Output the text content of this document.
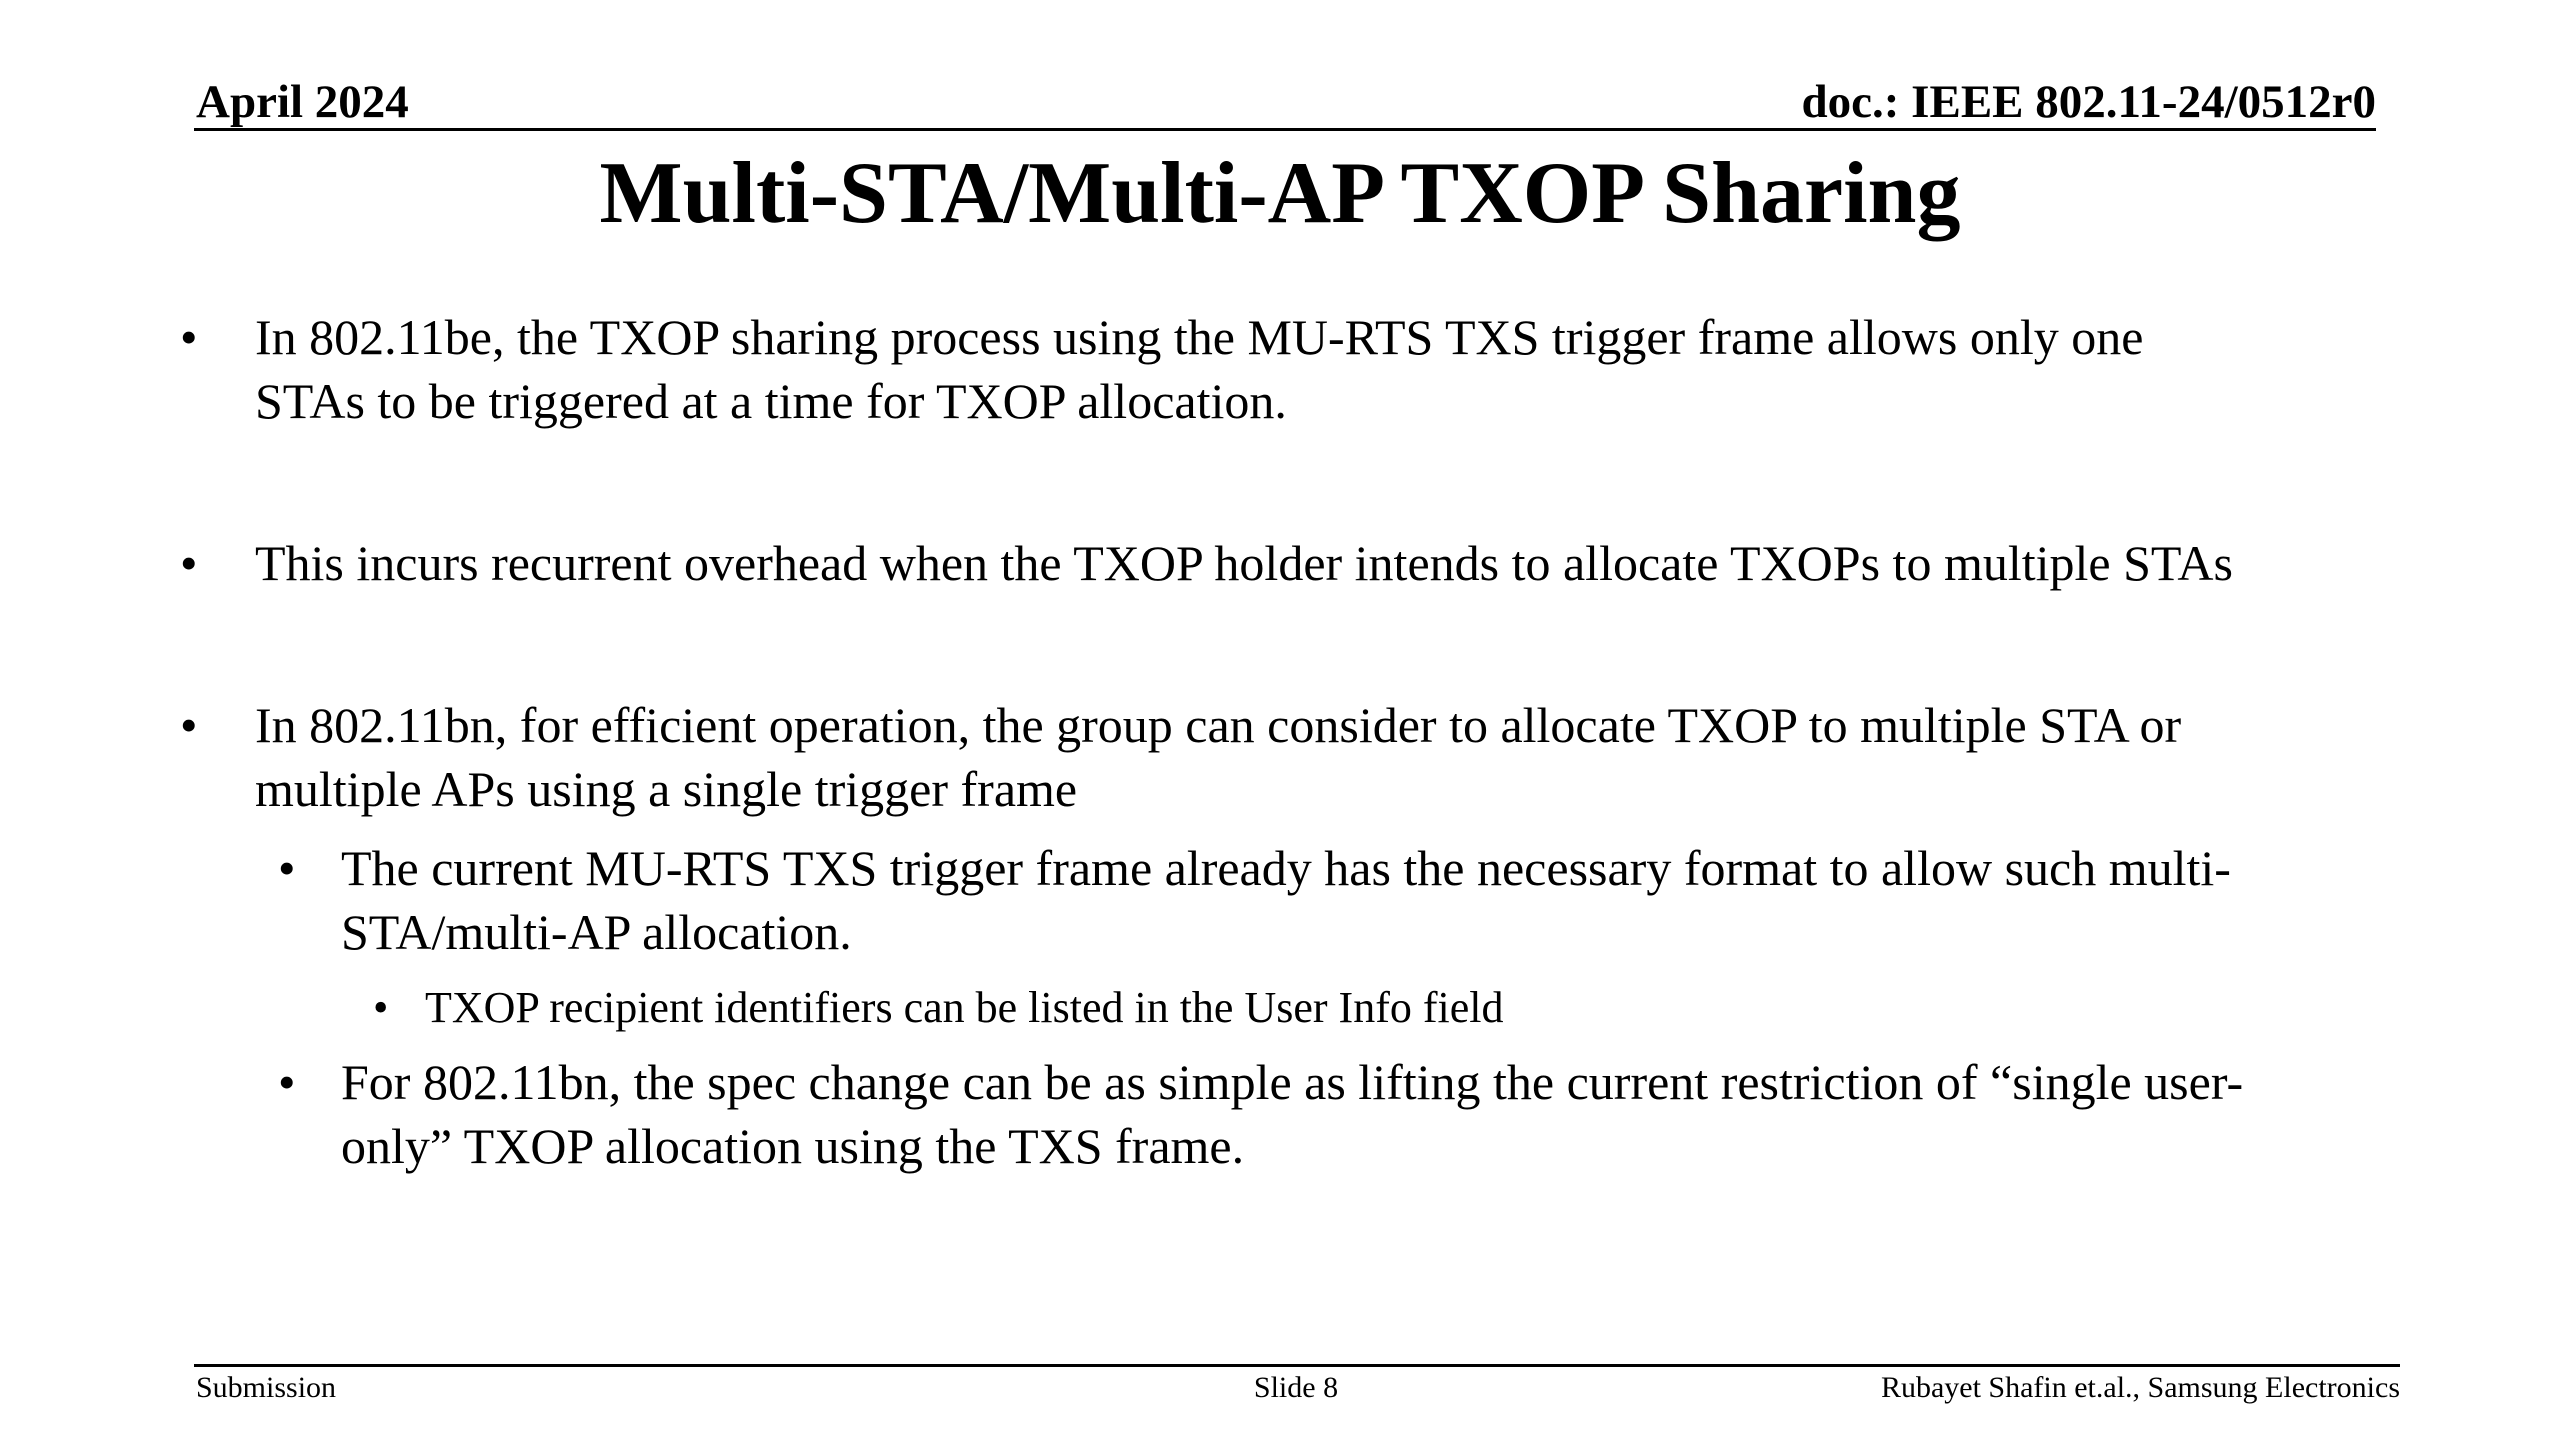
April 2024	doc.: IEEE 802.11-24/0512r0
Multi-STA/Multi-AP TXOP Sharing
• In 802.11be, the TXOP sharing process using the MU-RTS TXS trigger frame allows only one
STAs to be triggered at a time for TXOP allocation.
• This incurs recurrent overhead when the TXOP holder intends to allocate TXOPs to multiple STAs
• In 802.11bn, for efficient operation, the group can consider to allocate TXOP to multiple STA or
multiple APs using a single trigger frame
• The current MU-RTS TXS trigger frame already has the necessary format to allow such multi-
STA/multi-AP allocation.
• TXOP recipient identifiers can be listed in the User Info field
• For 802.11bn, the spec change can be as simple as lifting the current restriction of “single user-
only” TXOP allocation using the TXS frame.
Submission	Slide 8	Rubayet Shafin et.al., Samsung Electronics
